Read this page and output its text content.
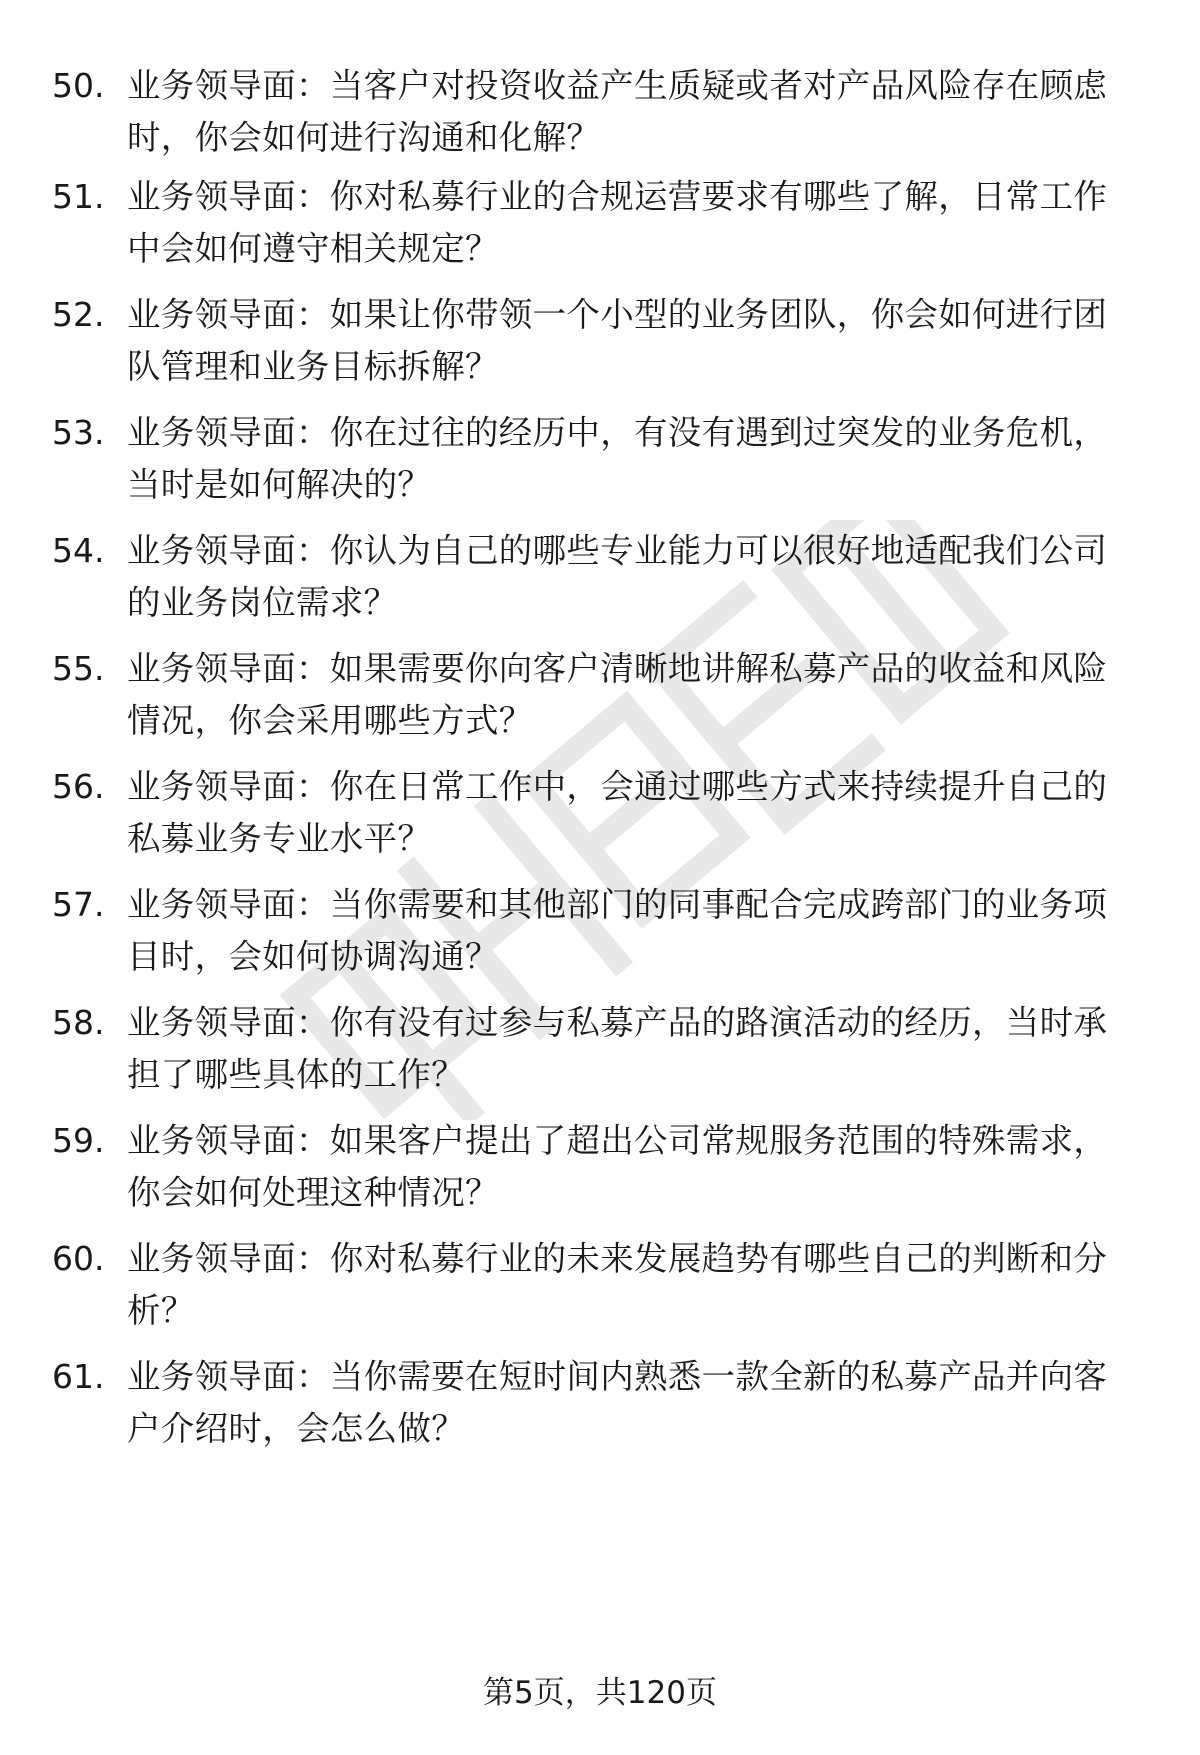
50. 业务领导面：当客户对投资收益产生质疑或者对产品风险存在顾虑时，你会如何进行沟通和化解？
51. 业务领导面：你对私募行业的合规运营要求有哪些了解，日常工作中会如何遵守相关规定？
52. 业务领导面：如果让你带领一个小型的业务团队，你会如何进行团队管理和业务目标拆解？
53. 业务领导面：你在过往的经历中，有没有遇到过突发的业务危机，当时是如何解决的？
54. 业务领导面：你认为自己的哪些专业能力可以很好地适配我们公司的业务岗位需求？
55. 业务领导面：如果需要你向客户清晰地讲解私募产品的收益和风险情况，你会采用哪些方式？
56. 业务领导面：你在日常工作中，会通过哪些方式来持续提升自己的私募业务专业水平？
57. 业务领导面：当你需要和其他部门的同事配合完成跨部门的业务项目时，会如何协调沟通？
58. 业务领导面：你有没有过参与私募产品的路演活动的经历，当时承担了哪些具体的工作？
59. 业务领导面：如果客户提出了超出公司常规服务范围的特殊需求，你会如何处理这种情况？
60. 业务领导面：你对私募行业的未来发展趋势有哪些自己的判断和分析？
61. 业务领导面：当你需要在短时间内熟悉一款全新的私募产品并向客户介绍时，会怎么做？
第5页，共120页
